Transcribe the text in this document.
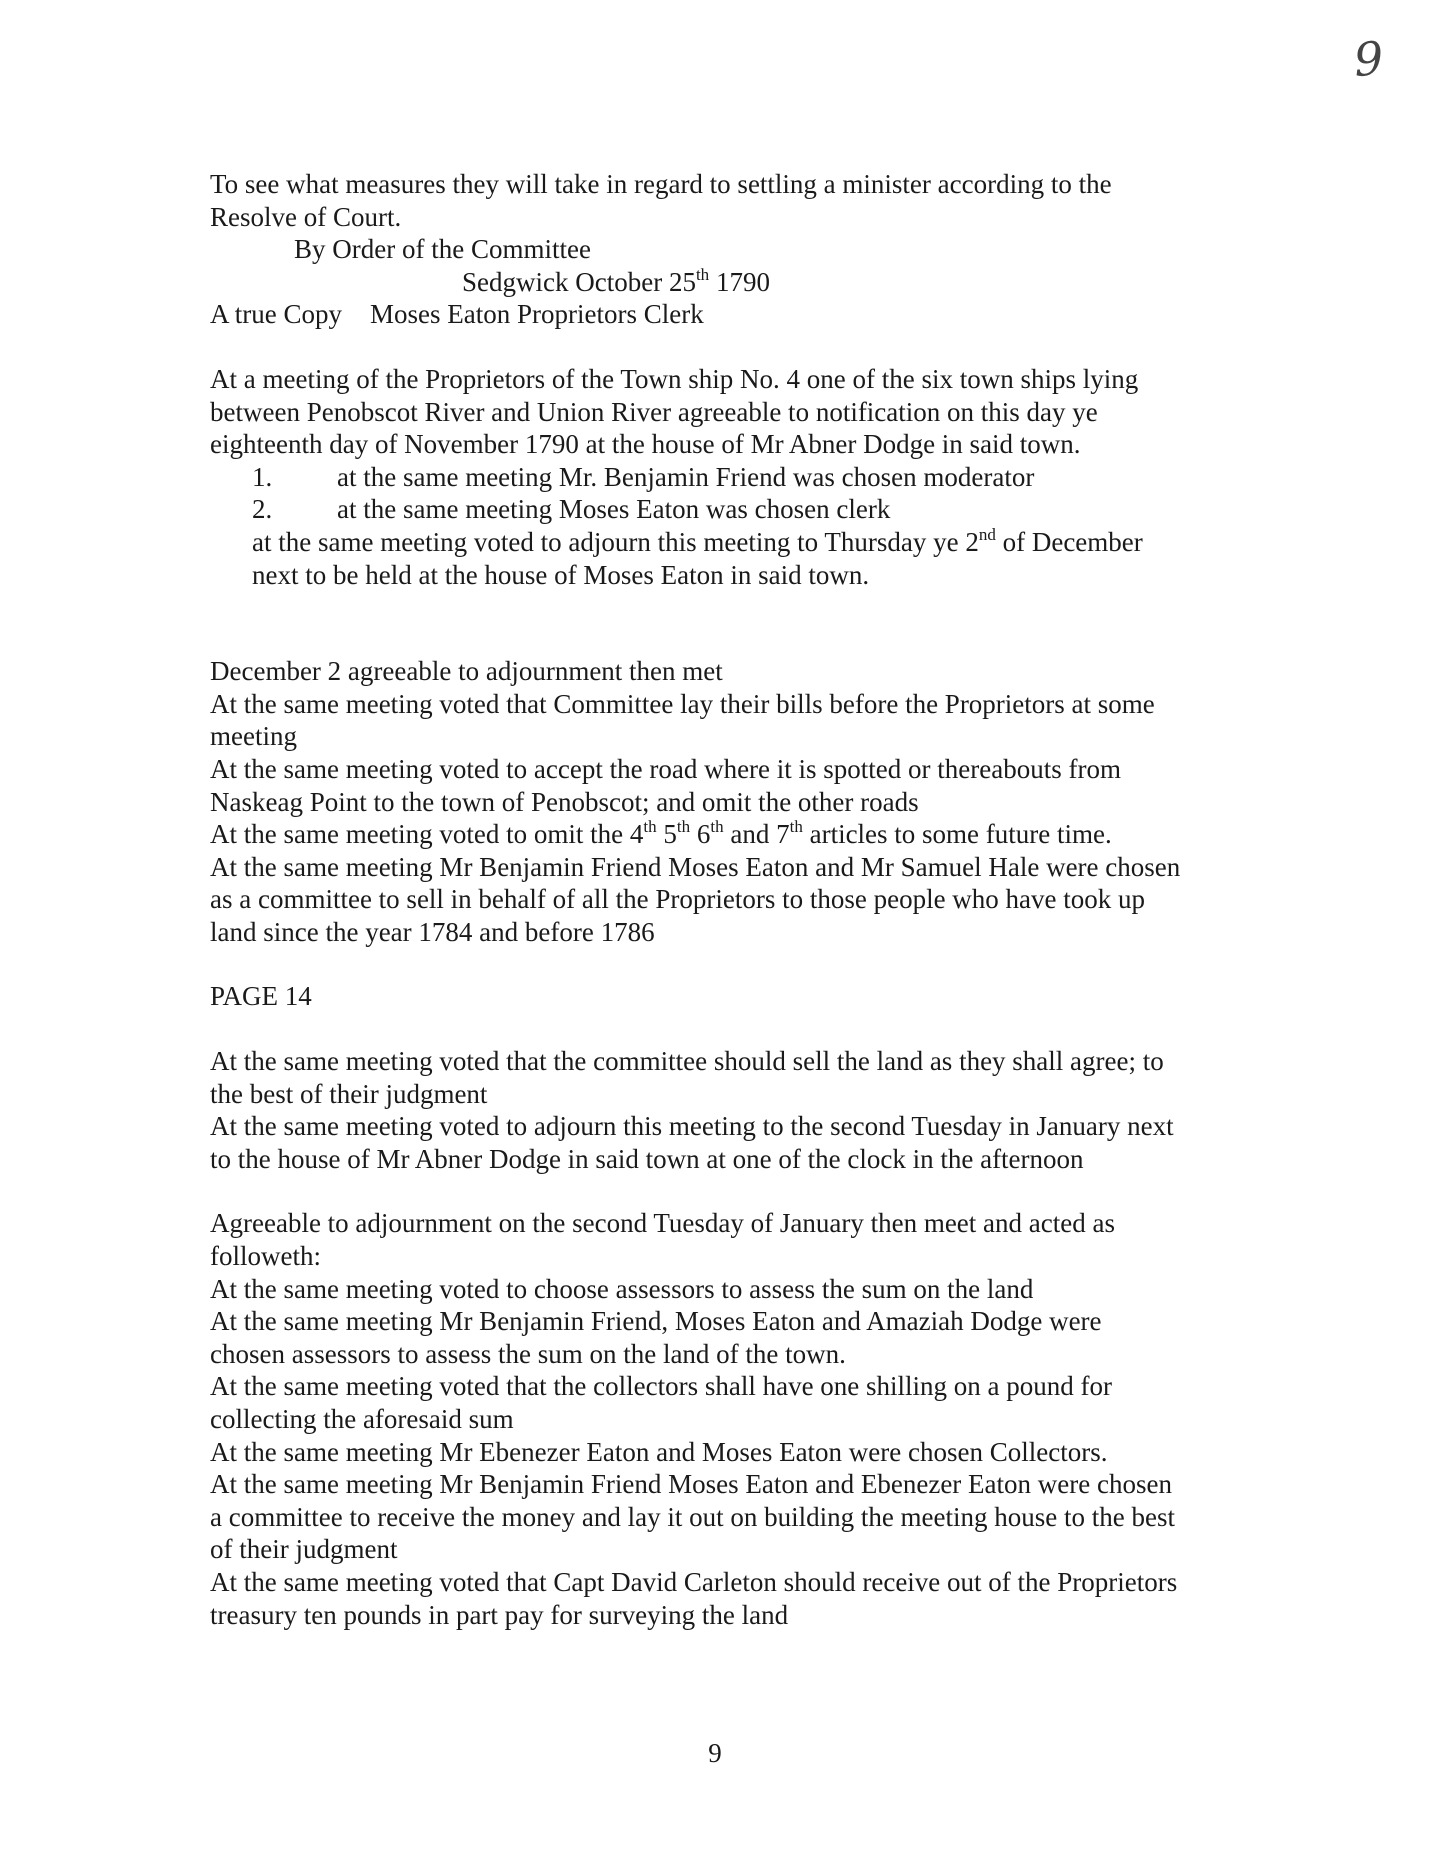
9
To see what measures they will take in regard to settling a minister according to the
Resolve of Court.
By Order of the Committee
Sedgwick October 25th 1790
A true Copy Moses Eaton Proprietors Clerk
At a meeting of the Proprietors of the Town ship No. 4 one of the six town ships lying
between Penobscot River and Union River agreeable to notification on this day ye
eighteenth day of November 1790 at the house of Mr Abner Dodge in said town.
1. at the same meeting Mr. Benjamin Friend was chosen moderator
2. at the same meeting Moses Eaton was chosen clerk
at the same meeting voted to adjourn this meeting to Thursday ye 2nd of December
next to be held at the house of Moses Eaton in said town.
December 2 agreeable to adjournment then met
At the same meeting voted that Committee lay their bills before the Proprietors at some
meeting
At the same meeting voted to accept the road where it is spotted or thereabouts from
Naskeag Point to the town of Penobscot; and omit the other roads
At the same meeting voted to omit the 4th 5th 6th and 7th articles to some future time.
At the same meeting Mr Benjamin Friend Moses Eaton and Mr Samuel Hale were chosen
as a committee to sell in behalf of all the Proprietors to those people who have took up
land since the year 1784 and before 1786
PAGE 14
At the same meeting voted that the committee should sell the land as they shall agree; to
the best of their judgment
At the same meeting voted to adjourn this meeting to the second Tuesday in January next
to the house of Mr Abner Dodge in said town at one of the clock in the afternoon
Agreeable to adjournment on the second Tuesday of January then meet and acted as
followeth:
At the same meeting voted to choose assessors to assess the sum on the land
At the same meeting Mr Benjamin Friend, Moses Eaton and Amaziah Dodge were
chosen assessors to assess the sum on the land of the town.
At the same meeting voted that the collectors shall have one shilling on a pound for
collecting the aforesaid sum
At the same meeting Mr Ebenezer Eaton and Moses Eaton were chosen Collectors.
At the same meeting Mr Benjamin Friend Moses Eaton and Ebenezer Eaton were chosen
a committee to receive the money and lay it out on building the meeting house to the best
of their judgment
At the same meeting voted that Capt David Carleton should receive out of the Proprietors
treasury ten pounds in part pay for surveying the land
9
